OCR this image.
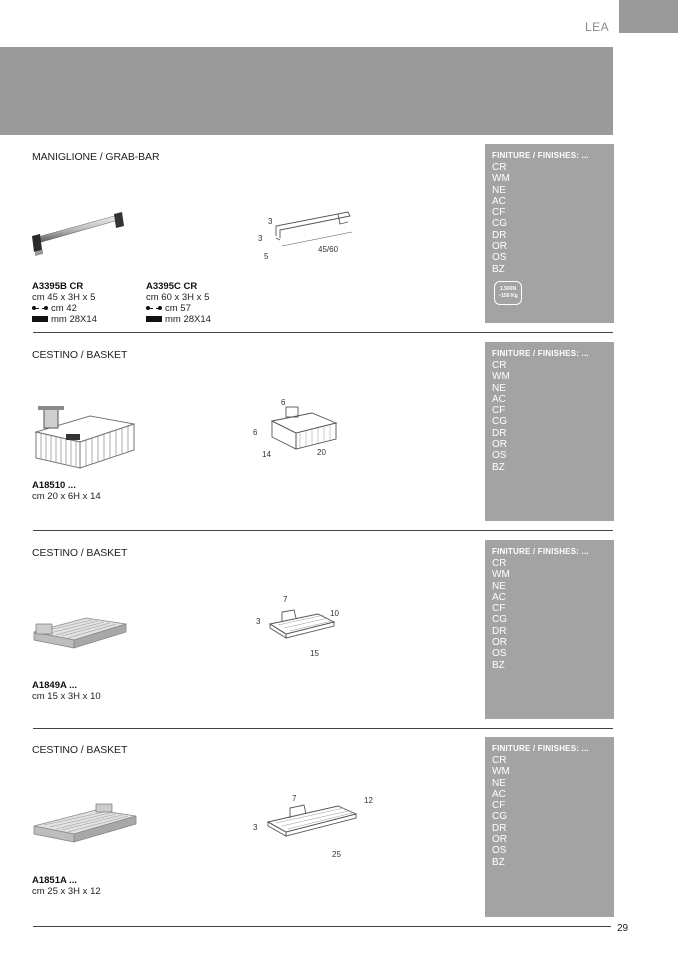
LEA
MANIGLIONE / GRAB-BAR
3
3
5
45/60
A3395B CR
cm 45 x 3H x 5
cm 42
mm 28X14
A3395C CR
cm 60 x 3H x 5
cm 57
mm 28X14
FINITURE / FINISHES: ...
CR
WM
NE
AC
CF
CG
DR
OR
OS
BZ
1.500N ~150 Kg
CESTINO / BASKET
6
6
14	20
A18510 ...
cm 20 x 6H x 14
FINITURE / FINISHES: ...
CR
WM
NE
AC
CF
CG
DR
OR
OS
BZ
CESTINO / BASKET
7
3
10
15
A1849A ...
cm 15 x 3H x 10
FINITURE / FINISHES: ...
CR
WM
NE
AC
CF
CG
DR
OR
OS
BZ
CESTINO / BASKET
7
3
12
25
A1851A ...
cm 25 x 3H x 12
FINITURE / FINISHES: ...
CR
WM
NE
AC
CF
CG
DR
OR
OS
BZ
29
